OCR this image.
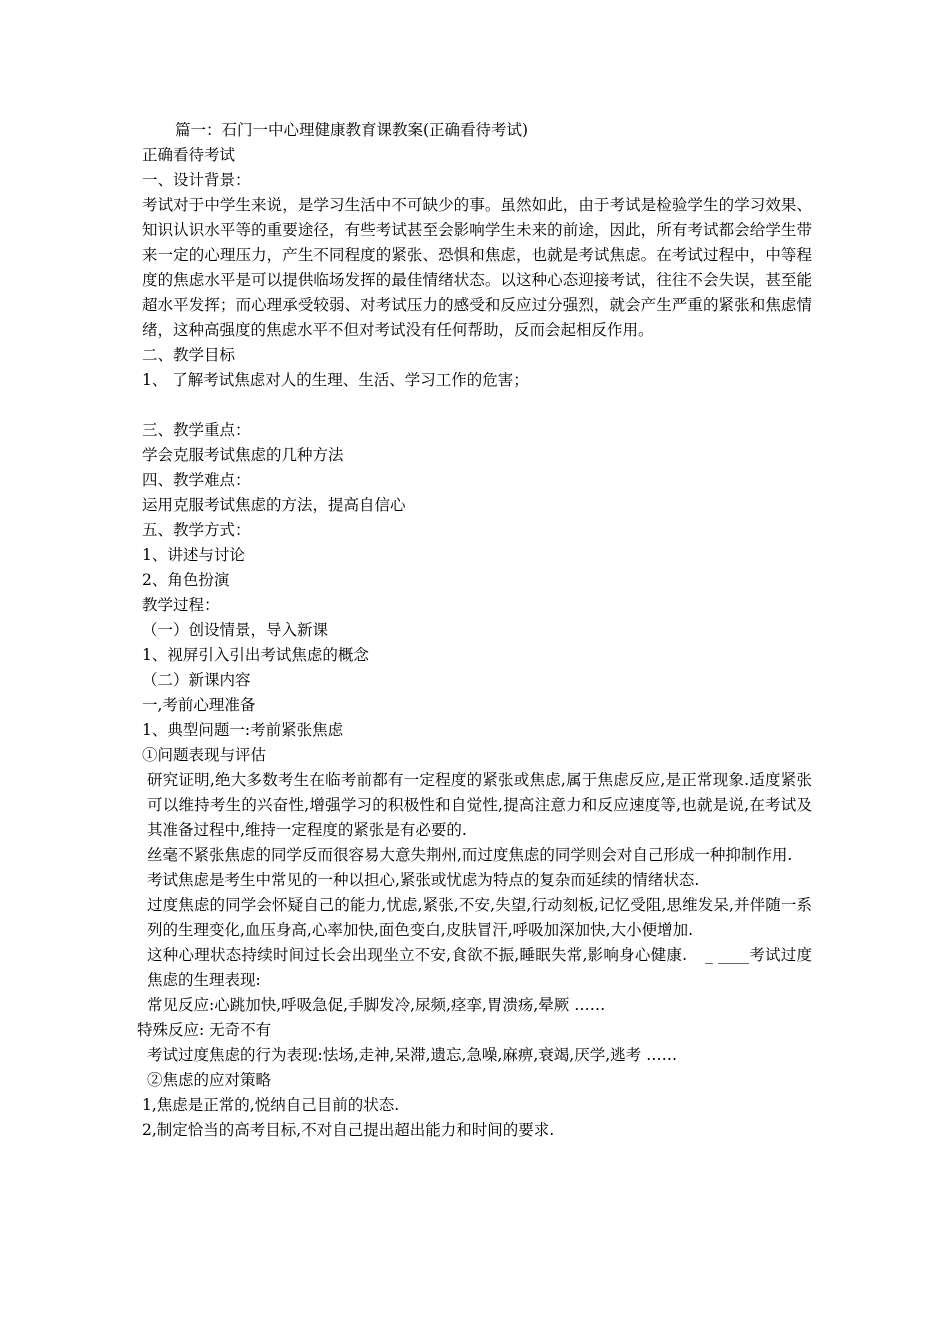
篇一：石门一中心理健康教育课教案(正确看待考试)

正确看待考试

一、设计背景：

考试对于中学生来说，是学习生活中不可缺少的事。虽然如此，由于考试是检验学生的学习效果、知识认识水平等的重要途径，有些考试甚至会影响学生未来的前途，因此，所有考试都会给学生带来一定的心理压力，产生不同程度的紧张、恐惧和焦虑，也就是考试焦虑。在考试过程中，中等程度的焦虑水平是可以提供临场发挥的最佳情绪状态。以这种心态迎接考试，往往不会失误，甚至能超水平发挥；而心理承受较弱、对考试压力的感受和反应过分强烈，就会产生严重的紧张和焦虑情绪，这种高强度的焦虑水平不但对考试没有任何帮助，反而会起相反作用。

二、教学目标

1、 了解考试焦虑对人的生理、生活、学习工作的危害；

三、教学重点：

学会克服考试焦虑的几种方法

四、教学难点：

运用克服考试焦虑的方法，提高自信心

五、教学方式：

1、讲述与讨论

2、角色扮演

教学过程：

（一）创设情景，导入新课

1、视屏引入引出考试焦虑的概念

（二）新课内容

一,考前心理准备

1、典型问题一:考前紧张焦虑

①问题表现与评估

研究证明,绝大多数考生在临考前都有一定程度的紧张或焦虑,属于焦虑反应,是正常现象.适度紧张可以维持考生的兴奋性,增强学习的积极性和自觉性,提高注意力和反应速度等,也就是说,在考试及其准备过程中,维持一定程度的紧张是有必要的.

丝毫不紧张焦虑的同学反而很容易大意失荆州,而过度焦虑的同学则会对自己形成一种抑制作用.

考试焦虑是考生中常见的一种以担心,紧张或忧虑为特点的复杂而延续的情绪状态.

过度焦虑的同学会怀疑自己的能力,忧虑,紧张,不安,失望,行动刻板,记忆受阻,思维发呆,并伴随一系列的生理变化,血压身高,心率加快,面色变白,皮肤冒汗,呼吸加深加快,大小便增加.

这种心理状态持续时间过长会出现坐立不安,食欲不振,睡眠失常,影响身心健康. _ ____考试过度焦虑的生理表现:

常见反应:心跳加快,呼吸急促,手脚发冷,尿频,痉挛,胃溃疡,晕厥 ……

特殊反应: 无奇不有

考试过度焦虑的行为表现:怯场,走神,呆滞,遗忘,急噪,麻痹,衰竭,厌学,逃考 ……

②焦虑的应对策略

1,焦虑是正常的,悦纳自己目前的状态.

2,制定恰当的高考目标,不对自己提出超出能力和时间的要求.
